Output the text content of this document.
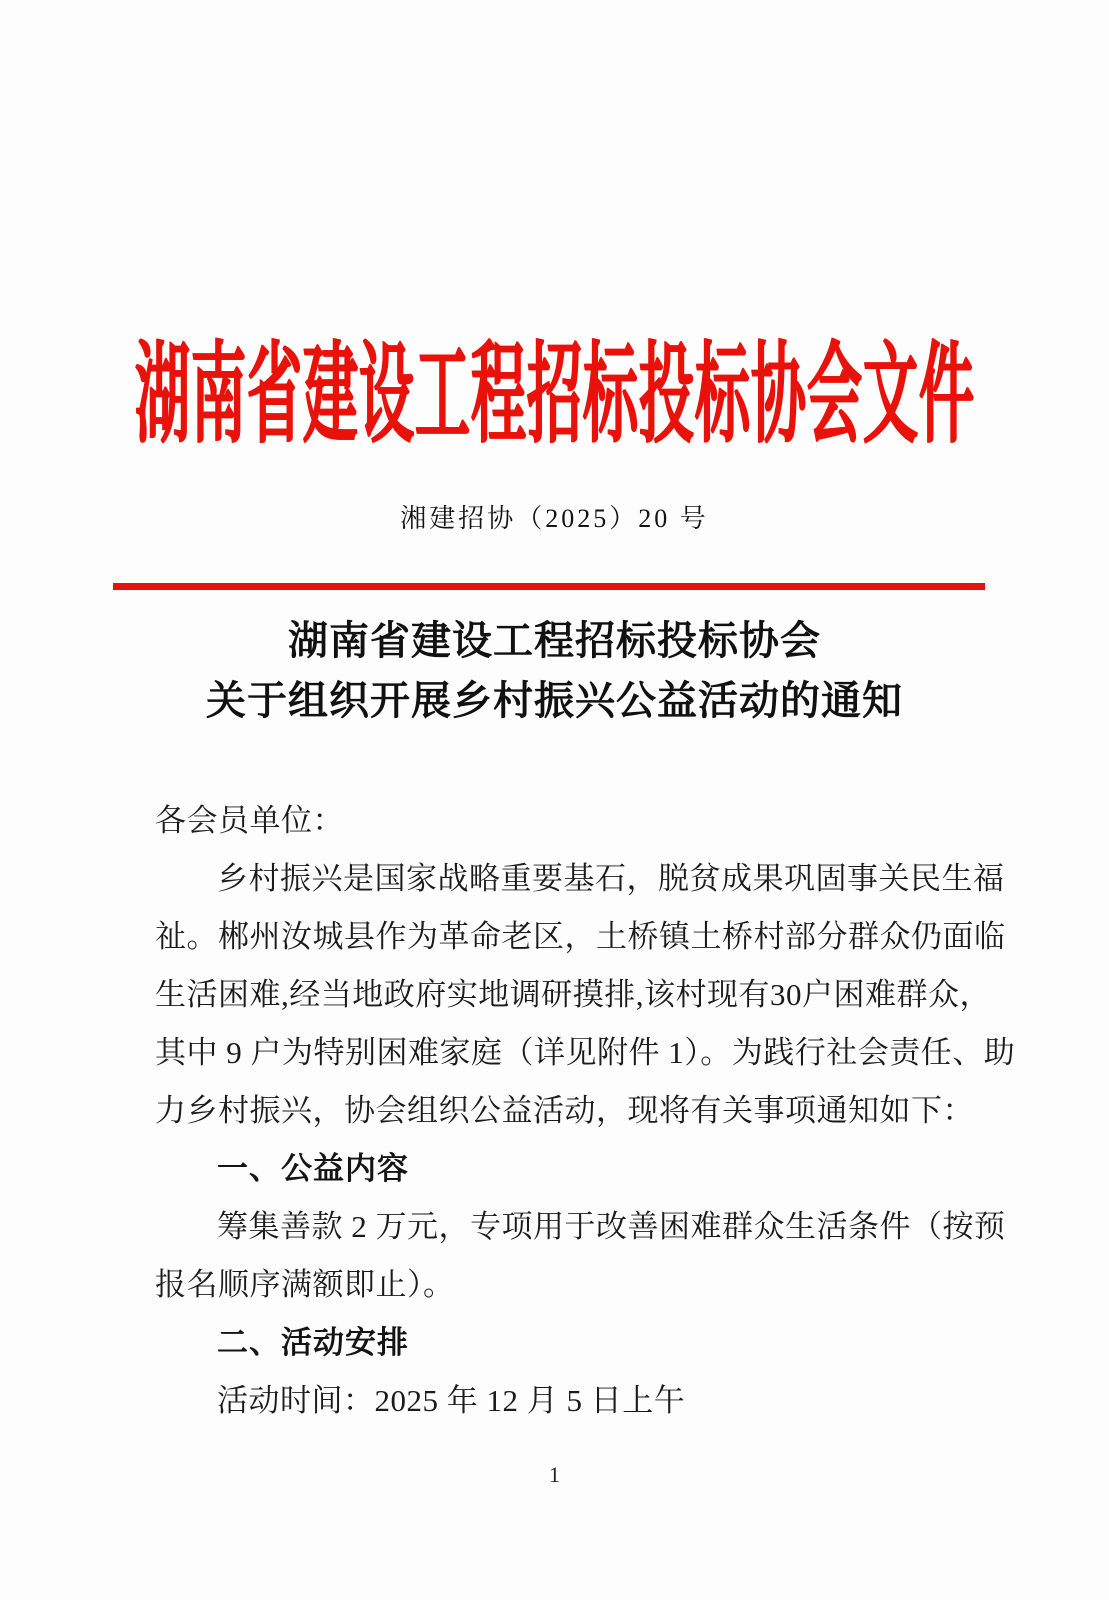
湖南省建设工程招标投标协会文件
湘建招协（2025）20 号
湖南省建设工程招标投标协会
关于组织开展乡村振兴公益活动的通知

各会员单位：

乡村振兴是国家战略重要基石，脱贫成果巩固事关民生福

祉。郴州汝城县作为革命老区，土桥镇土桥村部分群众仍面临

生活困难,经当地政府实地调研摸排,该村现有30户困难群众，

其中 9 户为特别困难家庭（详见附件 1）。为践行社会责任、助

力乡村振兴，协会组织公益活动，现将有关事项通知如下：

一、公益内容

筹集善款 2 万元，专项用于改善困难群众生活条件（按预

报名顺序满额即止）。

二、活动安排

活动时间：2025 年 12 月 5 日上午

1
